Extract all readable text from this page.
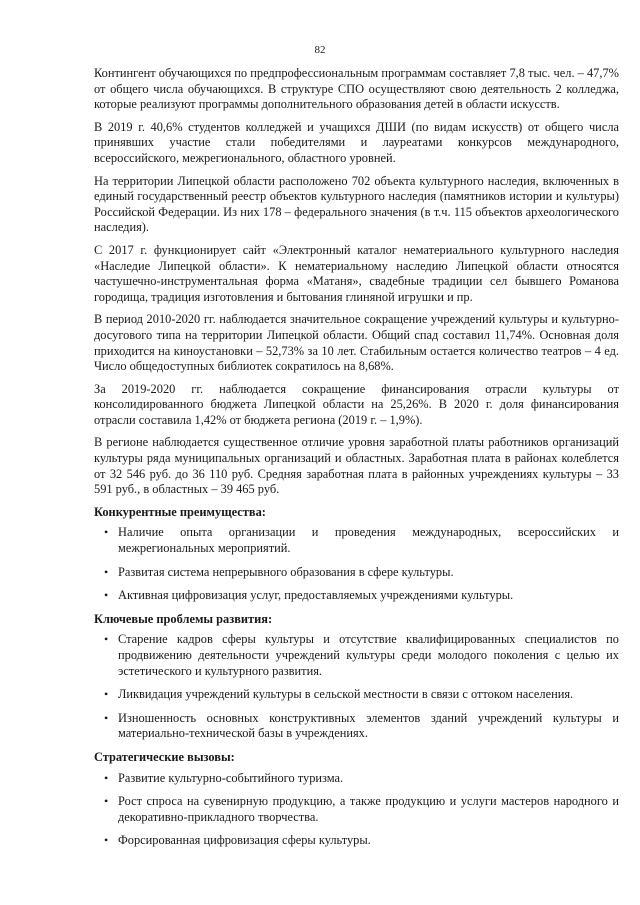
82

Контингент обучающихся по предпрофессиональным программам составляет 7,8 тыс. чел. – 47,7% от общего числа обучающихся. В структуре СПО осуществляют свою деятельность 2 колледжа, которые реализуют программы дополнительного образования детей в области искусств.

В 2019 г. 40,6% студентов колледжей и учащихся ДШИ (по видам искусств) от общего числа принявших участие стали победителями и лауреатами конкурсов международного, всероссийского, межрегионального, областного уровней.

На территории Липецкой области расположено 702 объекта культурного наследия, включенных в единый государственный реестр объектов культурного наследия (памятников истории и культуры) Российской Федерации. Из них 178 – федерального значения (в т.ч. 115 объектов археологического наследия).

С 2017 г. функционирует сайт «Электронный каталог нематериального культурного наследия «Наследие Липецкой области». К нематериальному наследию Липецкой области относятся частушечно-инструментальная форма «Матаня», свадебные традиции сел бывшего Романова городища, традиция изготовления и бытования глиняной игрушки и пр.

В период 2010-2020 гг. наблюдается значительное сокращение учреждений культуры и культурно-досугового типа на территории Липецкой области. Общий спад составил 11,74%. Основная доля приходится на киноустановки – 52,73% за 10 лет. Стабильным остается количество театров – 4 ед. Число общедоступных библиотек сократилось на 8,68%.

За 2019-2020 гг. наблюдается сокращение финансирования отрасли культуры от консолидированного бюджета Липецкой области на 25,26%. В 2020 г. доля финансирования отрасли составила 1,42% от бюджета региона (2019 г. – 1,9%).

В регионе наблюдается существенное отличие уровня заработной платы работников организаций культуры ряда муниципальных организаций и областных. Заработная плата в районах колеблется от 32 546 руб. до 36 110 руб. Средняя заработная плата в районных учреждениях культуры – 33 591 руб., в областных – 39 465 руб.

Конкурентные преимущества:
• Наличие опыта организации и проведения международных, всероссийских и межрегиональных мероприятий.
• Развитая система непрерывного образования в сфере культуры.
• Активная цифровизация услуг, предоставляемых учреждениями культуры.
Ключевые проблемы развития:
• Старение кадров сферы культуры и отсутствие квалифицированных специалистов по продвижению деятельности учреждений культуры среди молодого поколения с целью их эстетического и культурного развития.
• Ликвидация учреждений культуры в сельской местности в связи с оттоком населения.
• Изношенность основных конструктивных элементов зданий учреждений культуры и материально-технической базы в учреждениях.
Стратегические вызовы:
• Развитие культурно-событийного туризма.
• Рост спроса на сувенирную продукцию, а также продукцию и услуги мастеров народного и декоративно-прикладного творчества.
• Форсированная цифровизация сферы культуры.
